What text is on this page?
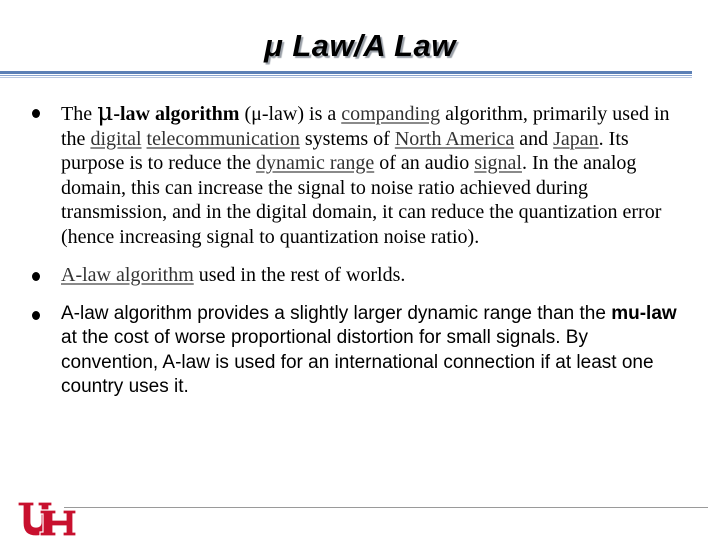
μ Law/A Law
The μ-law algorithm (μ-law) is a companding algorithm, primarily used in the digital telecommunication systems of North America and Japan. Its purpose is to reduce the dynamic range of an audio signal. In the analog domain, this can increase the signal to noise ratio achieved during transmission, and in the digital domain, it can reduce the quantization error (hence increasing signal to quantization noise ratio).
A-law algorithm used in the rest of worlds.
A-law algorithm provides a slightly larger dynamic range than the mu-law at the cost of worse proportional distortion for small signals. By convention, A-law is used for an international connection if at least one country uses it.
